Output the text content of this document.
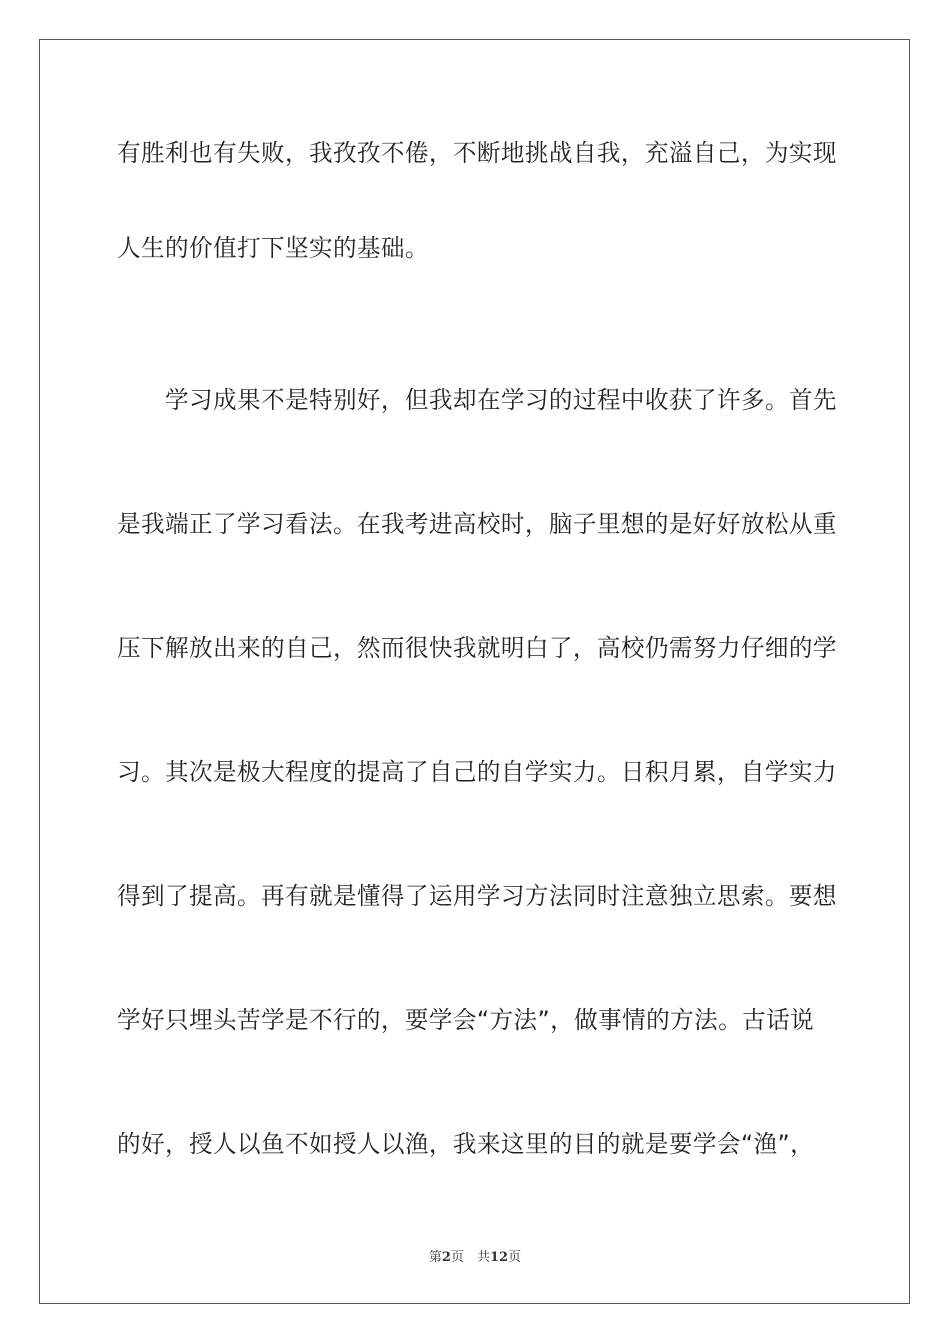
有胜利也有失败，我孜孜不倦，不断地挑战自我，充溢自己，为实现
人生的价值打下坚实的基础。
　　学习成果不是特别好，但我却在学习的过程中收获了许多。首先
是我端正了学习看法。在我考进高校时，脑子里想的是好好放松从重
压下解放出来的自己，然而很快我就明白了，高校仍需努力仔细的学
习。其次是极大程度的提高了自己的自学实力。日积月累，自学实力
得到了提高。再有就是懂得了运用学习方法同时注意独立思索。要想
学好只埋头苦学是不行的，要学会“方法”，做事情的方法。古话说
的好，授人以鱼不如授人以渔，我来这里的目的就是要学会“渔”，
第2页　共12页
